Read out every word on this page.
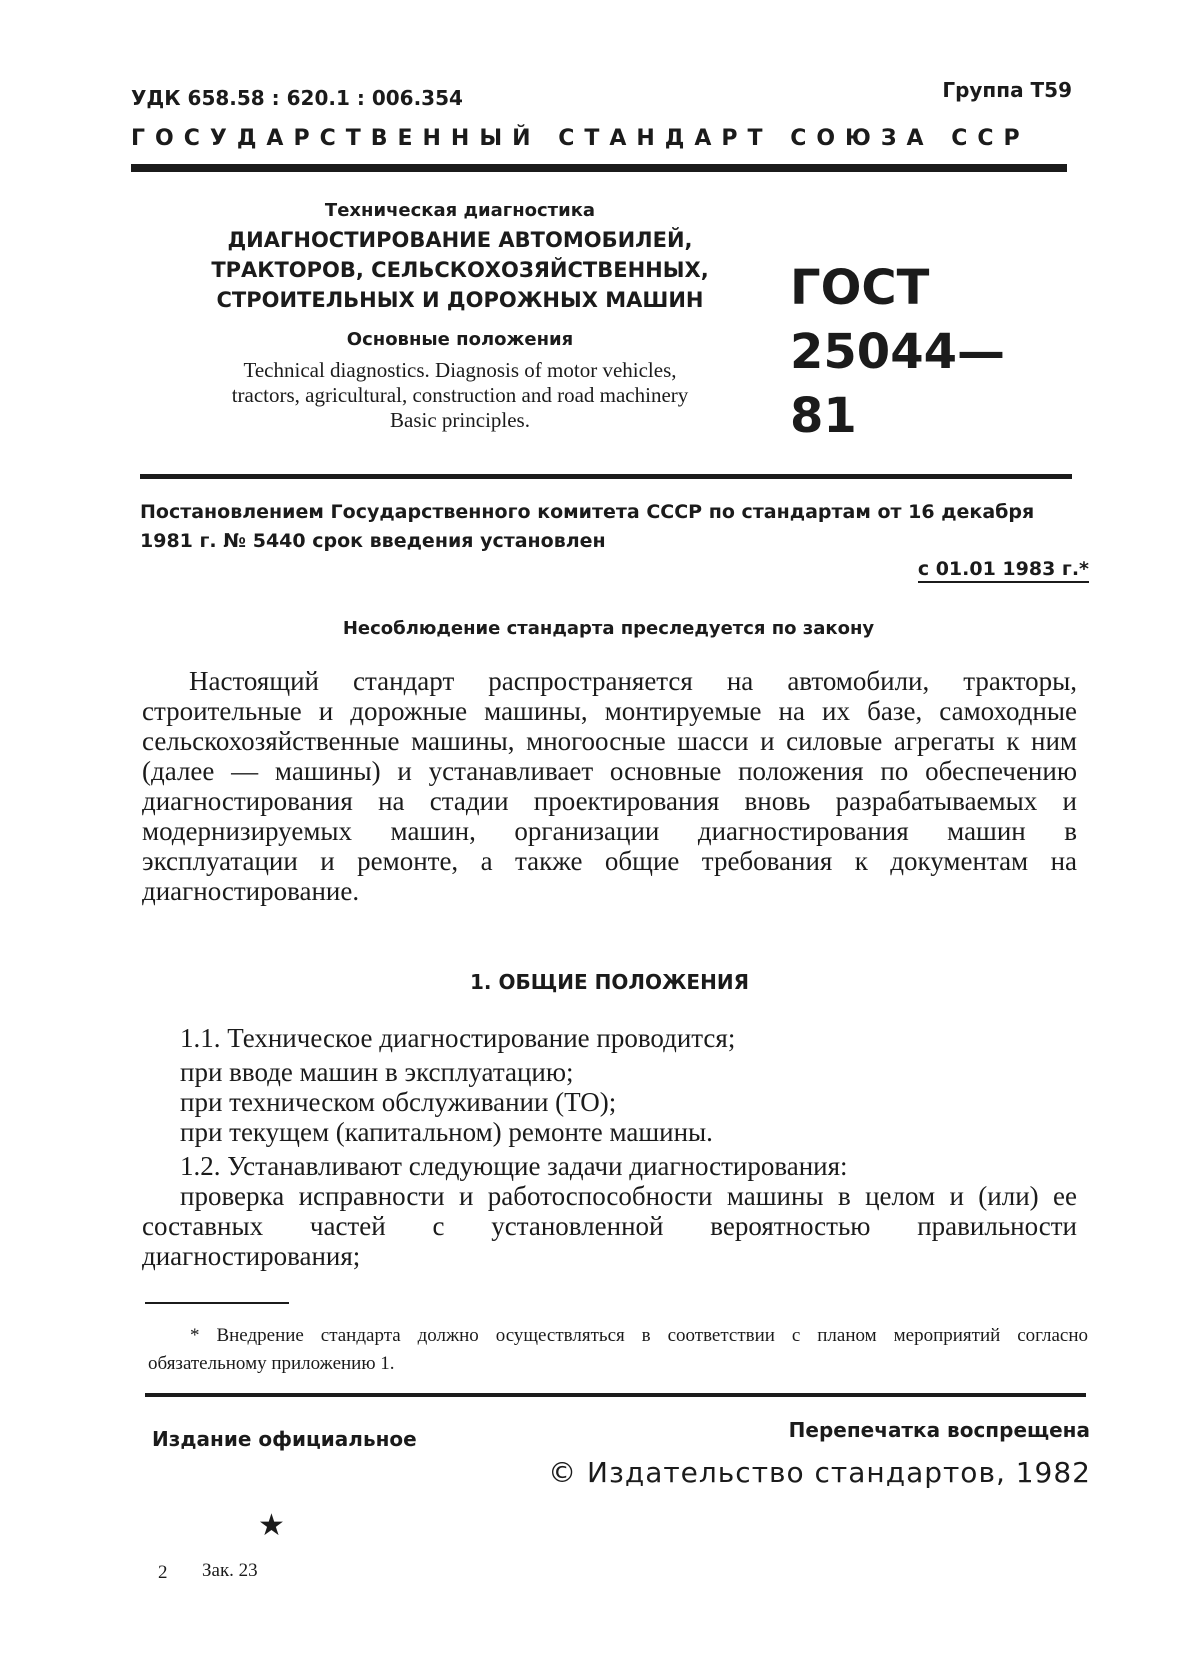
УДК 658.58 : 620.1 : 006.354	Группа Т59
ГОСУДАРСТВЕННЫЙ СТАНДАРТ СОЮЗА ССР
Техническая диагностика
ДИАГНОСТИРОВАНИЕ АВТОМОБИЛЕЙ,
ТРАКТОРОВ, СЕЛЬСКОХОЗЯЙСТВЕННЫХ,
СТРОИТЕЛЬНЫХ И ДОРОЖНЫХ МАШИН
Основные положения
Technical diagnostics. Diagnosis of motor vehicles,
tractors, agricultural, construction and road machinery
Basic principles.
ГОСТ
25044—81
Постановлением Государственного комитета СССР по стандартам от 16 декабря 1981 г. № 5440 срок введения установлен
с 01.01 1983 г.*
Несоблюдение стандарта преследуется по закону
Настоящий стандарт распространяется на автомобили, тракторы, строительные и дорожные машины, монтируемые на их базе, самоходные сельскохозяйственные машины, многоосные шасси и силовые агрегаты к ним (далее — машины) и устанавливает основные положения по обеспечению диагностирования на стадии проектирования вновь разрабатываемых и модернизируемых машин, организации диагностирования машин в эксплуатации и ремонте, а также общие требования к документам на диагностирование.
1. ОБЩИЕ ПОЛОЖЕНИЯ
1.1. Техническое диагностирование проводится;
при вводе машин в эксплуатацию;
при техническом обслуживании (ТО);
при текущем (капитальном) ремонте машины.
1.2. Устанавливают следующие задачи диагностирования:
проверка исправности и работоспособности машины в целом и (или) ее составных частей с установленной вероятностью правильности диагностирования;
* Внедрение стандарта должно осуществляться в соответствии с планом мероприятий согласно обязательному приложению 1.
Издание официальное	Перепечатка воспрещена
© Издательство стандартов, 1982
★
2 Зак. 23
